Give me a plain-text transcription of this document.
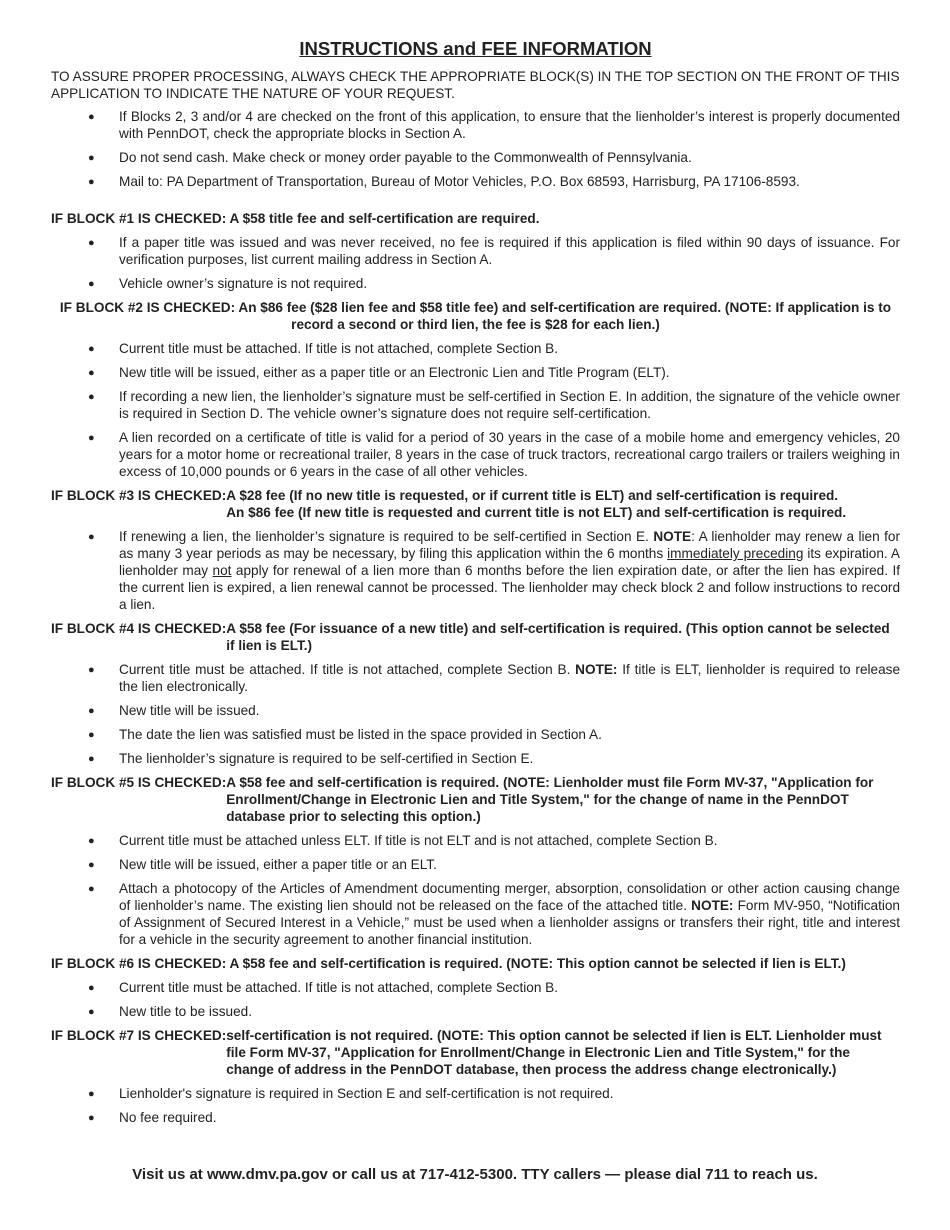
INSTRUCTIONS and FEE INFORMATION
TO ASSURE PROPER PROCESSING, ALWAYS CHECK THE APPROPRIATE BLOCK(S) IN THE TOP SECTION ON THE FRONT OF THIS APPLICATION TO INDICATE THE NATURE OF YOUR REQUEST.
● If Blocks 2, 3 and/or 4 are checked on the front of this application, to ensure that the lienholder’s interest is properly documented with PennDOT, check the appropriate blocks in Section A.
● Do not send cash. Make check or money order payable to the Commonwealth of Pennsylvania.
● Mail to: PA Department of Transportation, Bureau of Motor Vehicles, P.O. Box 68593, Harrisburg, PA 17106-8593.
IF BLOCK #1 IS CHECKED: A $58 title fee and self-certification are required.
● If a paper title was issued and was never received, no fee is required if this application is filed within 90 days of issuance. For verification purposes, list current mailing address in Section A.
● Vehicle owner’s signature is not required.
IF BLOCK #2 IS CHECKED: An $86 fee ($28 lien fee and $58 title fee) and self-certification are required. (NOTE: If application is to record a second or third lien, the fee is $28 for each lien.)
● Current title must be attached. If title is not attached, complete Section B.
● New title will be issued, either as a paper title or an Electronic Lien and Title Program (ELT).
● If recording a new lien, the lienholder’s signature must be self-certified in Section E. In addition, the signature of the vehicle owner is required in Section D. The vehicle owner’s signature does not require self-certification.
● A lien recorded on a certificate of title is valid for a period of 30 years in the case of a mobile home and emergency vehicles, 20 years for a motor home or recreational trailer, 8 years in the case of truck tractors, recreational cargo trailers or trailers weighing in excess of 10,000 pounds or 6 years in the case of all other vehicles.
IF BLOCK #3 IS CHECKED: A $28 fee (If no new title is requested, or if current title is ELT) and self-certification is required.
An $86 fee (If new title is requested and current title is not ELT) and self-certification is required.
● If renewing a lien, the lienholder’s signature is required to be self-certified in Section E. NOTE: A lienholder may renew a lien for as many 3 year periods as may be necessary, by filing this application within the 6 months immediately preceding its expiration. A lienholder may not apply for renewal of a lien more than 6 months before the lien expiration date, or after the lien has expired. If the current lien is expired, a lien renewal cannot be processed. The lienholder may check block 2 and follow instructions to record a lien.
IF BLOCK #4 IS CHECKED: A $58 fee (For issuance of a new title) and self-certification is required. (This option cannot be selected if lien is ELT.)
● Current title must be attached. If title is not attached, complete Section B. NOTE: If title is ELT, lienholder is required to release the lien electronically.
● New title will be issued.
● The date the lien was satisfied must be listed in the space provided in Section A.
● The lienholder’s signature is required to be self-certified in Section E.
IF BLOCK #5 IS CHECKED: A $58 fee and self-certification is required. (NOTE: Lienholder must file Form MV-37, "Application for Enrollment/Change in Electronic Lien and Title System," for the change of name in the PennDOT database prior to selecting this option.)
● Current title must be attached unless ELT. If title is not ELT and is not attached, complete Section B.
● New title will be issued, either a paper title or an ELT.
● Attach a photocopy of the Articles of Amendment documenting merger, absorption, consolidation or other action causing change of lienholder’s name. The existing lien should not be released on the face of the attached title. NOTE: Form MV-950, “Notification of Assignment of Secured Interest in a Vehicle,” must be used when a lienholder assigns or transfers their right, title and interest for a vehicle in the security agreement to another financial institution.
IF BLOCK #6 IS CHECKED: A $58 fee and self-certification is required. (NOTE: This option cannot be selected if lien is ELT.)
● Current title must be attached. If title is not attached, complete Section B.
● New title to be issued.
IF BLOCK #7 IS CHECKED: self-certification is not required. (NOTE: This option cannot be selected if lien is ELT. Lienholder must file Form MV-37, "Application for Enrollment/Change in Electronic Lien and Title System," for the change of address in the PennDOT database, then process the address change electronically.)
● Lienholder's signature is required in Section E and self-certification is not required.
● No fee required.
Visit us at www.dmv.pa.gov or call us at 717-412-5300. TTY callers — please dial 711 to reach us.
